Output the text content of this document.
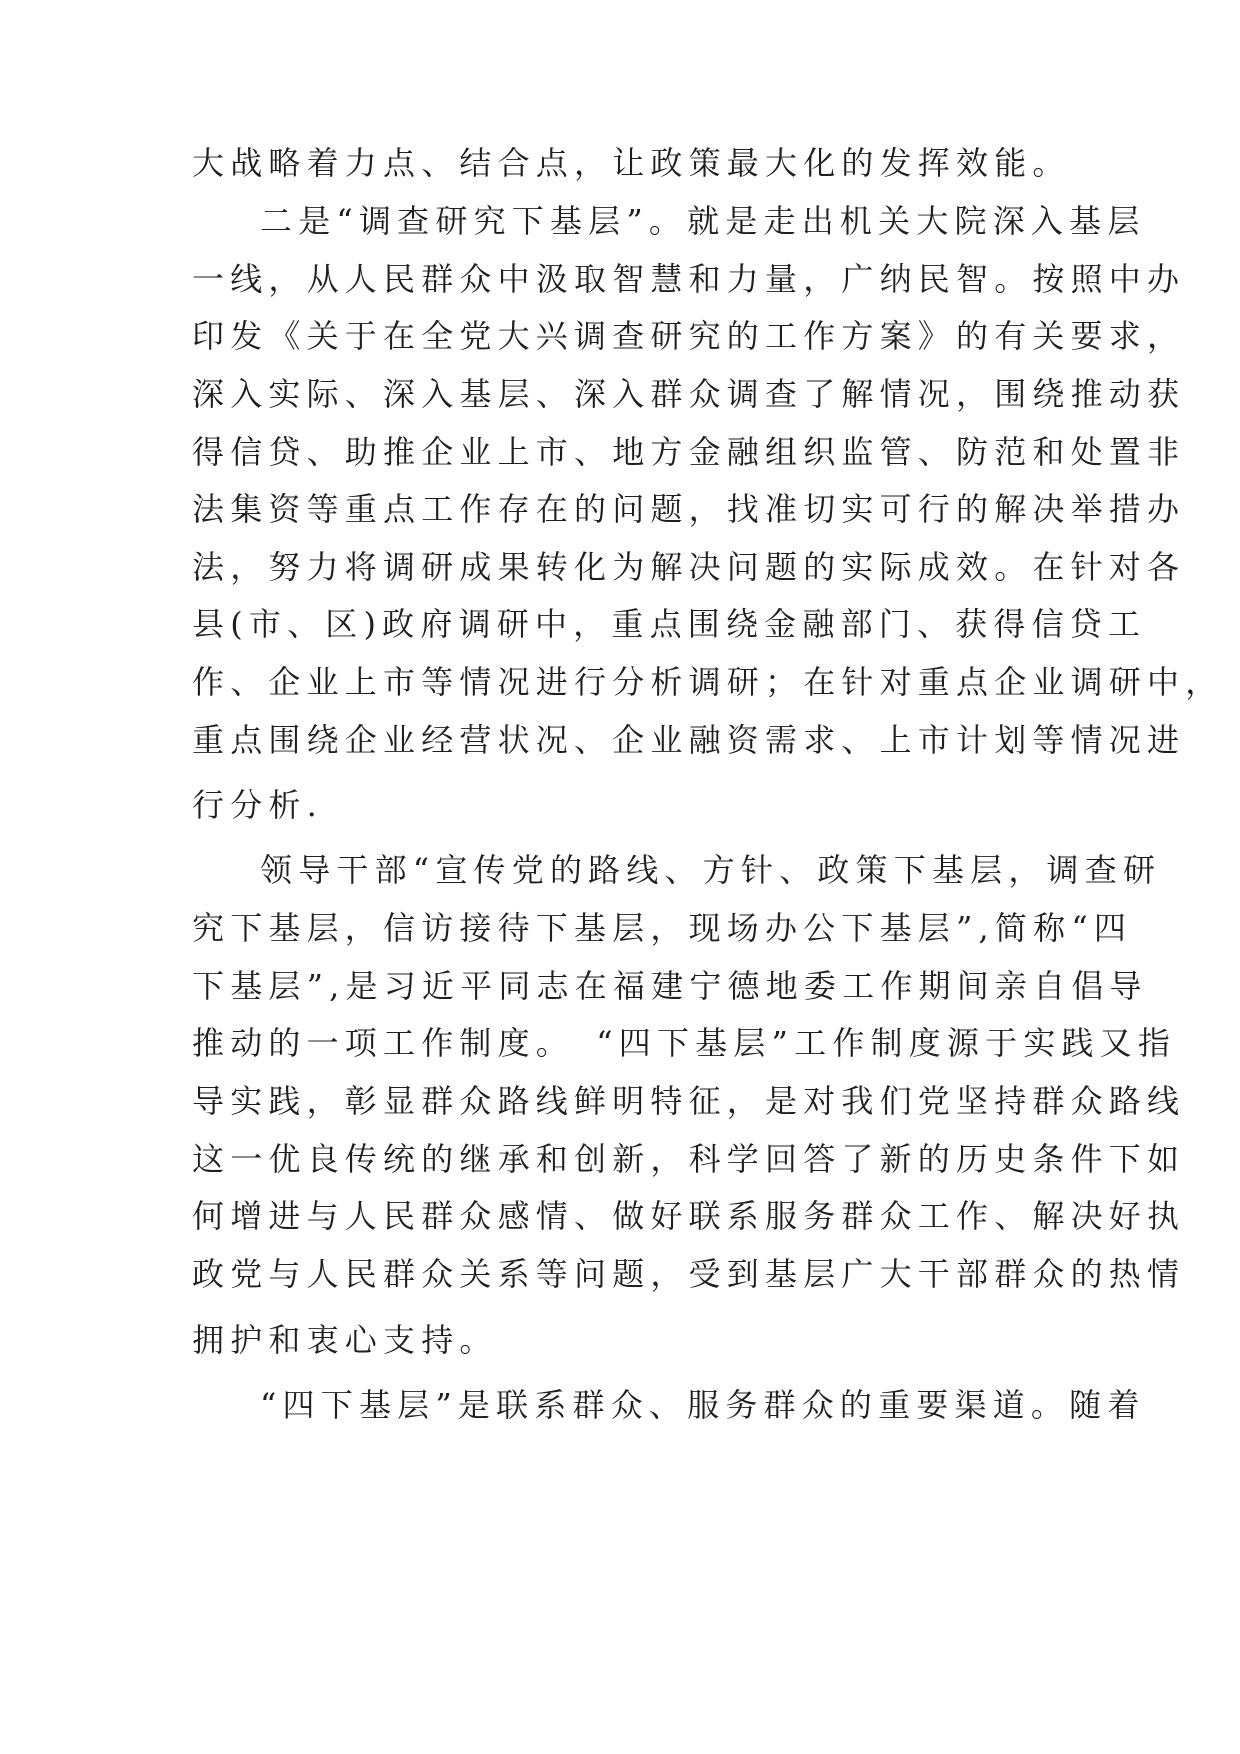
大战略着力点、结合点，让政策最大化的发挥效能。

二是“调查研究下基层”。就是走出机关大院深入基层

一线，从人民群众中汲取智慧和力量，广纳民智。按照中办

印发《关于在全党大兴调查研究的工作方案》的有关要求，

深入实际、深入基层、深入群众调查了解情况，围绕推动获

得信贷、助推企业上市、地方金融组织监管、防范和处置非

法集资等重点工作存在的问题，找准切实可行的解决举措办

法，努力将调研成果转化为解决问题的实际成效。在针对各

县(市、区)政府调研中，重点围绕金融部门、获得信贷工

作、企业上市等情况进行分析调研；在针对重点企业调研中，

重点围绕企业经营状况、企业融资需求、上市计划等情况进

行分析.

领导干部“宣传党的路线、方针、政策下基层，调查研

究下基层，信访接待下基层，现场办公下基层”,简称“四

下基层”,是习近平同志在福建宁德地委工作期间亲自倡导

推动的一项工作制度。　“四下基层”工作制度源于实践又指

导实践，彰显群众路线鲜明特征，是对我们党坚持群众路线

这一优良传统的继承和创新，科学回答了新的历史条件下如

何增进与人民群众感情、做好联系服务群众工作、解决好执

政党与人民群众关系等问题，受到基层广大干部群众的热情

拥护和衷心支持。

“四下基层”是联系群众、服务群众的重要渠道。随着
